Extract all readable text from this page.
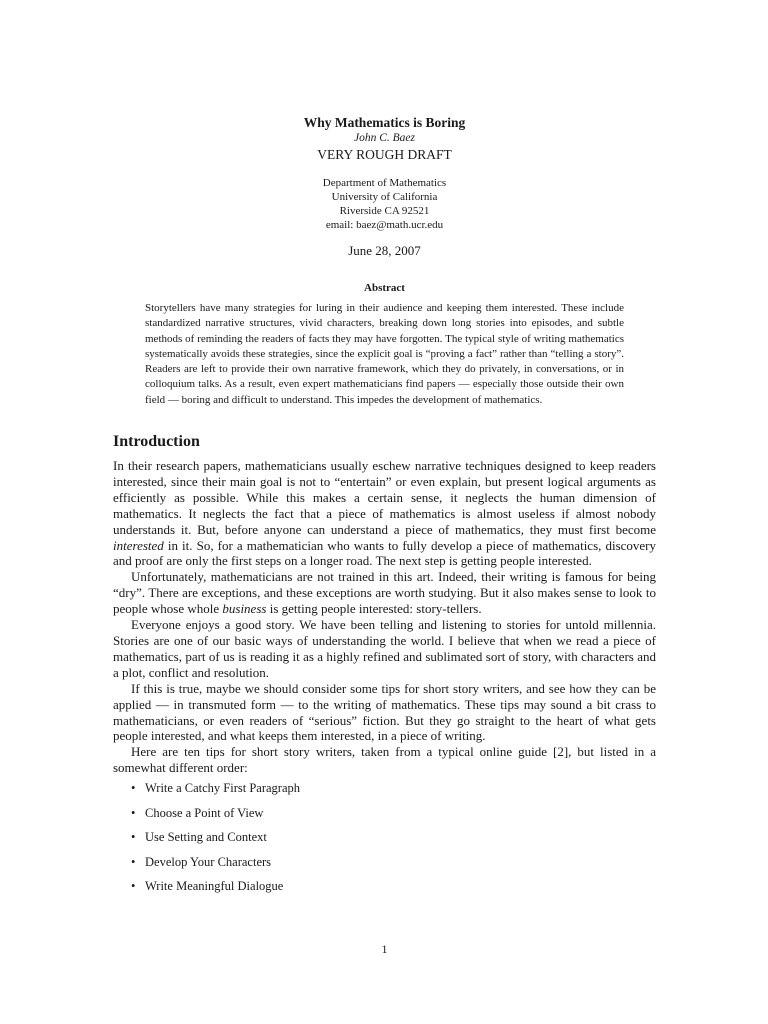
Why Mathematics is Boring
John C. Baez
VERY ROUGH DRAFT
Department of Mathematics
University of California
Riverside CA 92521
email: baez@math.ucr.edu
June 28, 2007
Abstract
Storytellers have many strategies for luring in their audience and keeping them interested. These include standardized narrative structures, vivid characters, breaking down long stories into episodes, and subtle methods of reminding the readers of facts they may have forgotten. The typical style of writing mathematics systematically avoids these strategies, since the explicit goal is “proving a fact” rather than “telling a story”. Readers are left to provide their own narrative framework, which they do privately, in conversations, or in colloquium talks. As a result, even expert mathematicians find papers — especially those outside their own field — boring and difficult to understand. This impedes the development of mathematics.
Introduction

In their research papers, mathematicians usually eschew narrative techniques designed to keep readers interested, since their main goal is not to “entertain” or even explain, but present logical arguments as efficiently as possible. While this makes a certain sense, it neglects the human dimension of mathematics. It neglects the fact that a piece of mathematics is almost useless if almost nobody understands it. But, before anyone can understand a piece of mathematics, they must first become interested in it. So, for a mathematician who wants to fully develop a piece of mathematics, discovery and proof are only the first steps on a longer road. The next step is getting people interested.

Unfortunately, mathematicians are not trained in this art. Indeed, their writing is famous for being “dry”. There are exceptions, and these exceptions are worth studying. But it also makes sense to look to people whose whole business is getting people interested: story-tellers.

Everyone enjoys a good story. We have been telling and listening to stories for untold millennia. Stories are one of our basic ways of understanding the world. I believe that when we read a piece of mathematics, part of us is reading it as a highly refined and sublimated sort of story, with characters and a plot, conflict and resolution.

If this is true, maybe we should consider some tips for short story writers, and see how they can be applied — in transmuted form — to the writing of mathematics. These tips may sound a bit crass to mathematicians, or even readers of “serious” fiction. But they go straight to the heart of what gets people interested, and what keeps them interested, in a piece of writing.

Here are ten tips for short story writers, taken from a typical online guide [2], but listed in a somewhat different order:

• Write a Catchy First Paragraph
• Choose a Point of View
• Use Setting and Context
• Develop Your Characters
• Write Meaningful Dialogue
1
